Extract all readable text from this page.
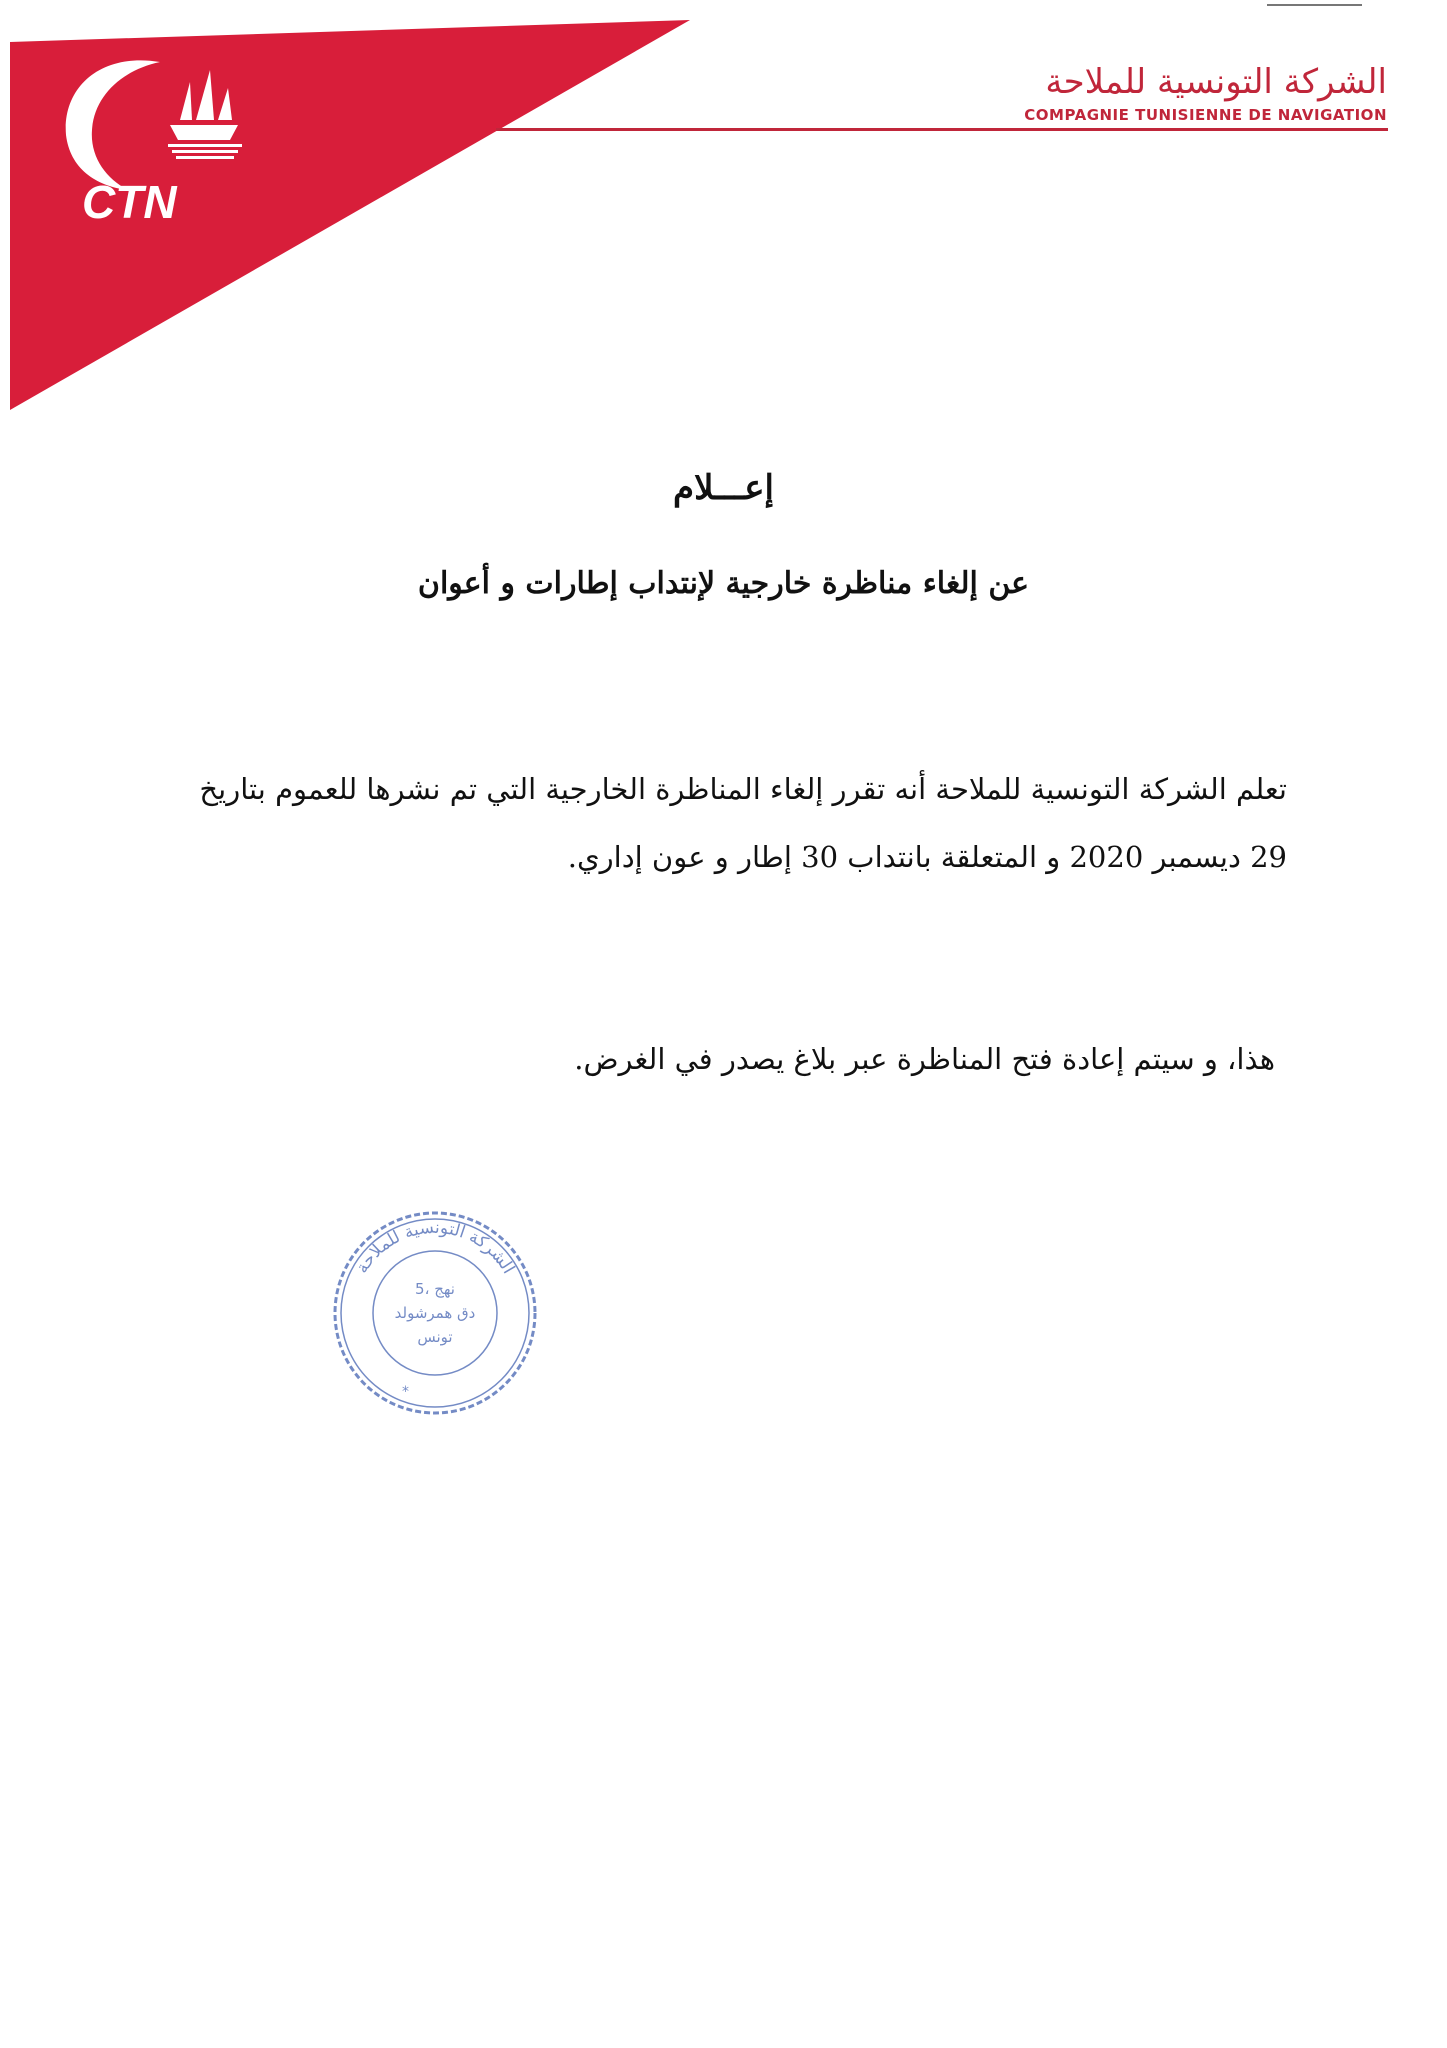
CTN
الشركة التونسية للملاحة
COMPAGNIE TUNISIENNE DE NAVIGATION
إعـــلام
عن إلغاء مناظرة خارجية لإنتداب إطارات و أعوان
تعلم الشركة التونسية للملاحة أنه تقرر إلغاء المناظرة الخارجية التي تم نشرها للعموم بتاريخ
29 ديسمبر 2020 و المتعلقة بانتداب 30 إطار و عون إداري.
هذا، و سيتم إعادة فتح المناظرة عبر بلاغ يصدر في الغرض.
الشركة التونسية للملاحة
5، نهج
دق همرشولد
تونس
*
